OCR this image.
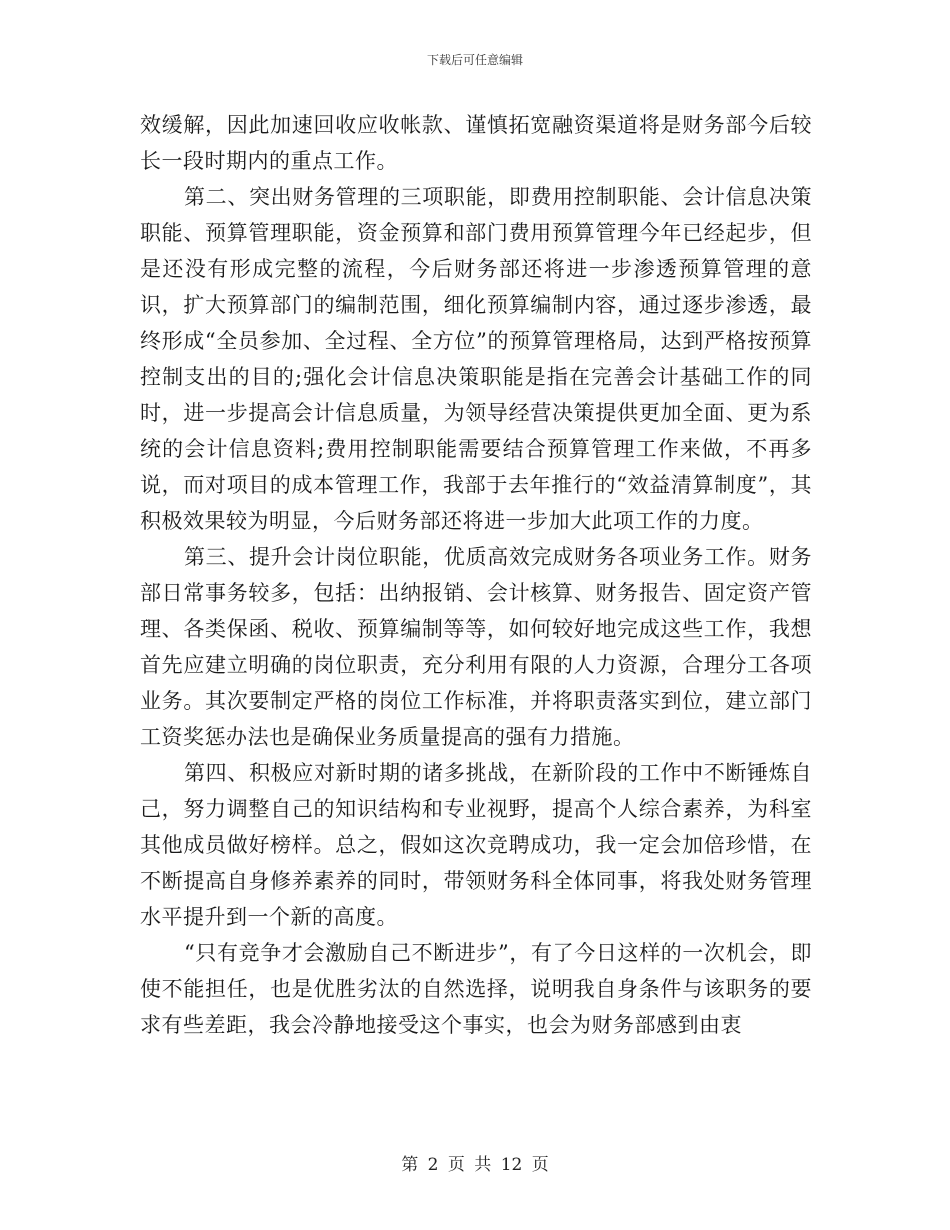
下载后可任意编辑

效缓解，因此加速回收应收帐款、谨慎拓宽融资渠道将是财务部今后较长一段时期内的重点工作。

第二、突出财务管理的三项职能，即费用控制职能、会计信息决策职能、预算管理职能，资金预算和部门费用预算管理今年已经起步，但是还没有形成完整的流程，今后财务部还将进一步渗透预算管理的意识，扩大预算部门的编制范围，细化预算编制内容，通过逐步渗透，最终形成“全员参加、全过程、全方位”的预算管理格局，达到严格按预算控制支出的目的;强化会计信息决策职能是指在完善会计基础工作的同时，进一步提高会计信息质量，为领导经营决策提供更加全面、更为系统的会计信息资料;费用控制职能需要结合预算管理工作来做，不再多说，而对项目的成本管理工作，我部于去年推行的“效益清算制度”，其积极效果较为明显，今后财务部还将进一步加大此项工作的力度。

第三、提升会计岗位职能，优质高效完成财务各项业务工作。财务部日常事务较多，包括：出纳报销、会计核算、财务报告、固定资产管理、各类保函、税收、预算编制等等，如何较好地完成这些工作，我想首先应建立明确的岗位职责，充分利用有限的人力资源，合理分工各项业务。其次要制定严格的岗位工作标准，并将职责落实到位，建立部门工资奖惩办法也是确保业务质量提高的强有力措施。

第四、积极应对新时期的诸多挑战，在新阶段的工作中不断锤炼自己，努力调整自己的知识结构和专业视野，提高个人综合素养，为科室其他成员做好榜样。总之，假如这次竞聘成功，我一定会加倍珍惜，在不断提高自身修养素养的同时，带领财务科全体同事，将我处财务管理水平提升到一个新的高度。

“只有竞争才会激励自己不断进步”，有了今日这样的一次机会，即使不能担任，也是优胜劣汰的自然选择，说明我自身条件与该职务的要求有些差距，我会冷静地接受这个事实，也会为财务部感到由衷

第 2 页 共 12 页
